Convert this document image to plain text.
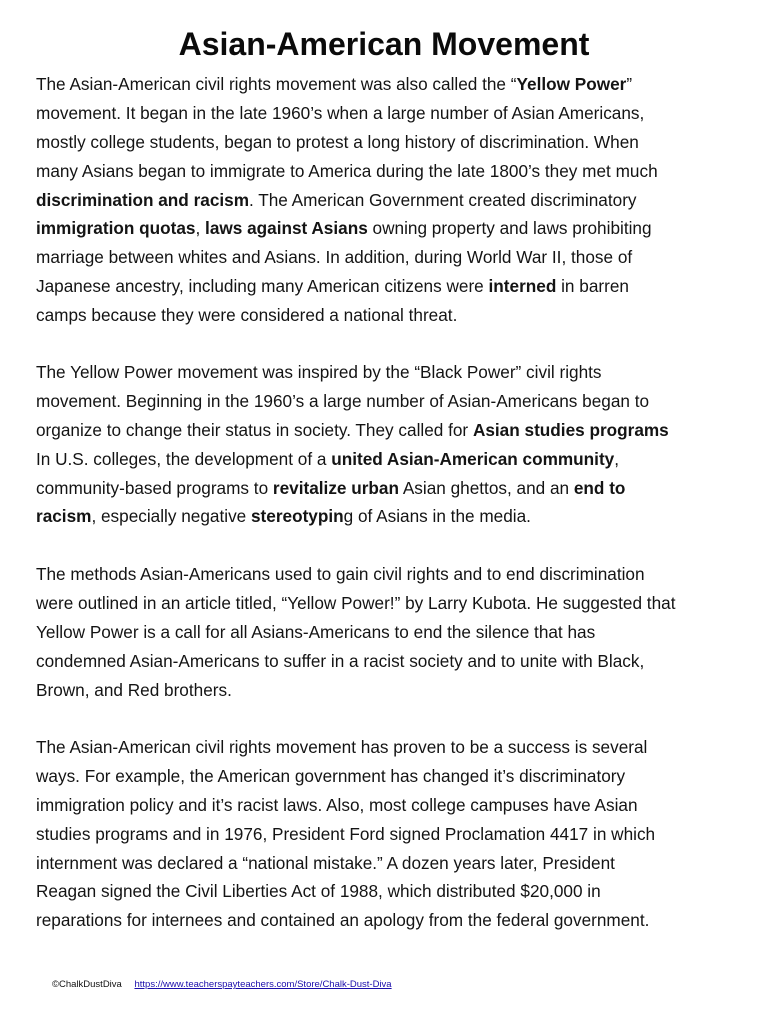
Asian-American Movement
The Asian-American civil rights movement was also called the “Yellow Power”
movement. It began in the late 1960’s when a large number of Asian Americans,
mostly college students, began to protest a long history of discrimination. When
many Asians began to immigrate to America during the late 1800’s they met much
discrimination and racism. The American Government created discriminatory
immigration quotas, laws against Asians owning property and laws prohibiting
marriage between whites and Asians. In addition, during World War II, those of
Japanese ancestry, including many American citizens were interned in barren
camps because they were considered a national threat.
The Yellow Power movement was inspired by the “Black Power” civil rights
movement. Beginning in the 1960’s a large number of Asian-Americans began to
organize to change their status in society. They called for Asian studies programs
In U.S. colleges, the development of a united Asian-American community,
community-based programs to revitalize urban Asian ghettos, and an end to
racism, especially negative stereotyping of Asians in the media.
The methods Asian-Americans used to gain civil rights and to end discrimination
were outlined in an article titled, “Yellow Power!” by Larry Kubota. He suggested that
Yellow Power is a call for all Asians-Americans to end the silence that has
condemned Asian-Americans to suffer in a racist society and to unite with Black,
Brown, and Red brothers.
The Asian-American civil rights movement has proven to be a success is several
ways. For example, the American government has changed it’s discriminatory
immigration policy and it’s racist laws. Also, most college campuses have Asian
studies programs and in 1976, President Ford signed Proclamation 4417 in which
internment was declared a “national mistake.” A dozen years later, President
Reagan signed the Civil Liberties Act of 1988, which distributed $20,000 in
reparations for internees and contained an apology from the federal government.
©ChalkDustDiva https://www.teacherspayteachers.com/Store/Chalk-Dust-Diva
